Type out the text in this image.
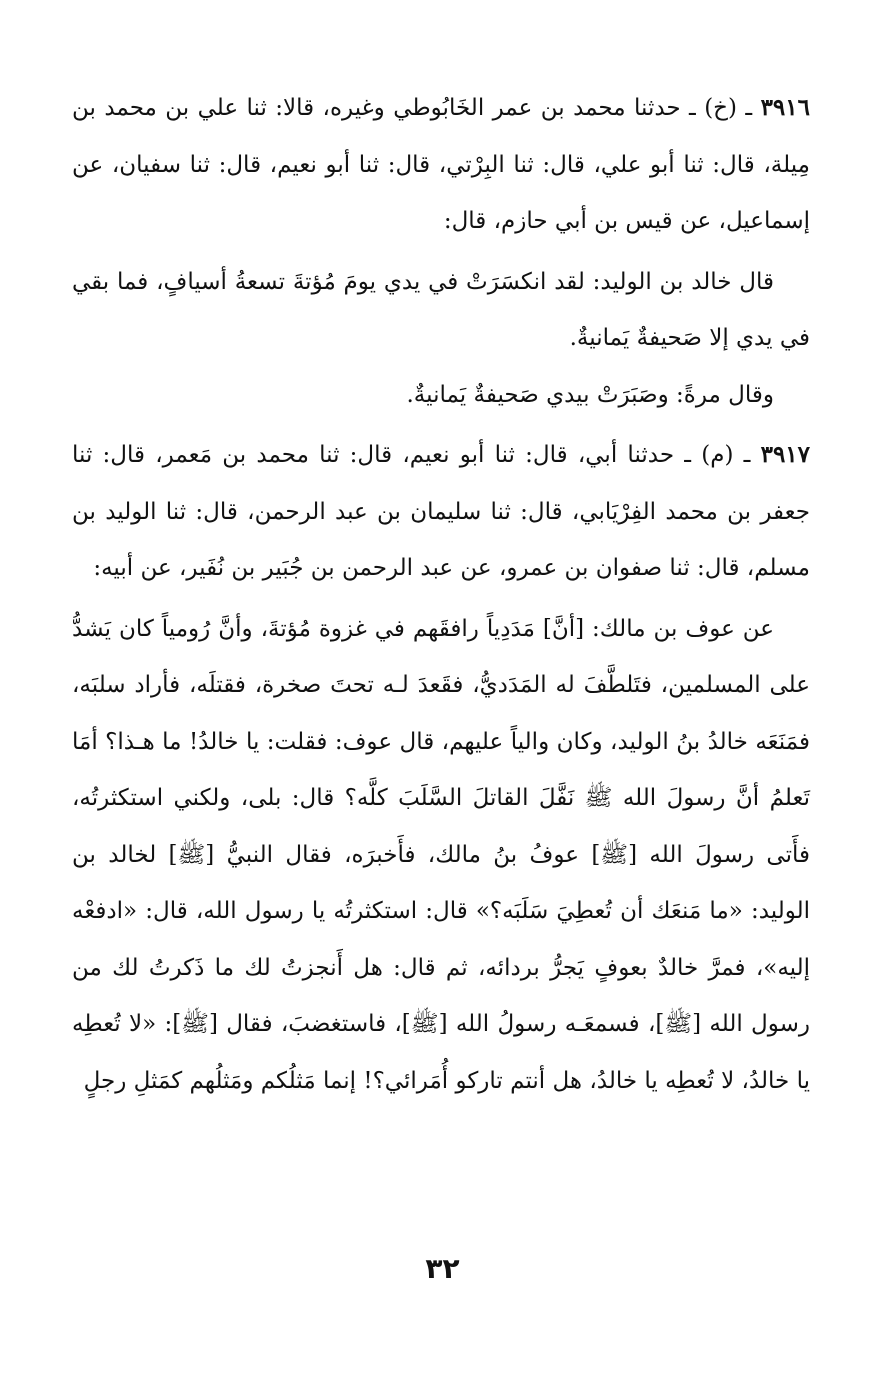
٣٩١٦ ـ (خ) ـ حدثنا محمد بن عمر الخَابُوطي وغيره، قالا: ثنا علي بن محمد بن مِيلة، قال: ثنا أبو علي، قال: ثنا البِرْتي، قال: ثنا أبو نعيم، قال: ثنا سفيان، عن إسماعيل، عن قيس بن أبي حازم، قال:

قال خالد بن الوليد: لقد انكسَرَتْ في يدي يومَ مُؤتةَ تسعةُ أسيافٍ، فما بقي في يدي إلا صَحيفةٌ يَمانيةٌ.

وقال مرةً: وصَبَرَتْ بيدي صَحيفةٌ يَمانيةٌ.

٣٩١٧ ـ (م) ـ حدثنا أبي، قال: ثنا أبو نعيم، قال: ثنا محمد بن مَعمر، قال: ثنا جعفر بن محمد الفِرْيَابي، قال: ثنا سليمان بن عبد الرحمن، قال: ثنا الوليد بن مسلم، قال: ثنا صفوان بن عمرو، عن عبد الرحمن بن جُبَير بن نُفَير، عن أبيه:

عن عوف بن مالك: [أنَّ] مَدَدِياً رافقَهم في غزوة مُؤتةَ، وأنَّ رُومياً كان يَشدُّ على المسلمين، فتَلطَّفَ له المَدَديُّ، فقَعدَ لـه تحتَ صخرة، فقتلَه، فأراد سلبَه، فمَنَعَه خالدُ بنُ الوليد، وكان والياً عليهم، قال عوف: فقلت: يا خالدُ! ما هـذا؟ أمَا تَعلمُ أنَّ رسولَ الله ﷺ نَفَّلَ القاتلَ السَّلَبَ كلَّه؟ قال: بلى، ولكني استكثرتُه، فأَتى رسولَ الله [ﷺ] عوفُ بنُ مالك، فأَخبرَه، فقال النبيُّ [ﷺ] لخالد بن الوليد: «ما مَنعَك أن تُعطِيَ سَلَبَه؟» قال: استكثرتُه يا رسول الله، قال: «ادفعْه إليه»، فمرَّ خالدٌ بعوفٍ يَجرُّ بردائه، ثم قال: هل أَنجزتُ لك ما ذَكرتُ لك من رسول الله [ﷺ]، فسمعَـه رسولُ الله [ﷺ]، فاستغضبَ، فقال [ﷺ]: «لا تُعطِه يا خالدُ، لا تُعطِه يا خالدُ، هل أنتم تاركو أُمَرائي؟! إنما مَثلُكم ومَثلُهم كمَثلِ رجلٍ

٣٢
